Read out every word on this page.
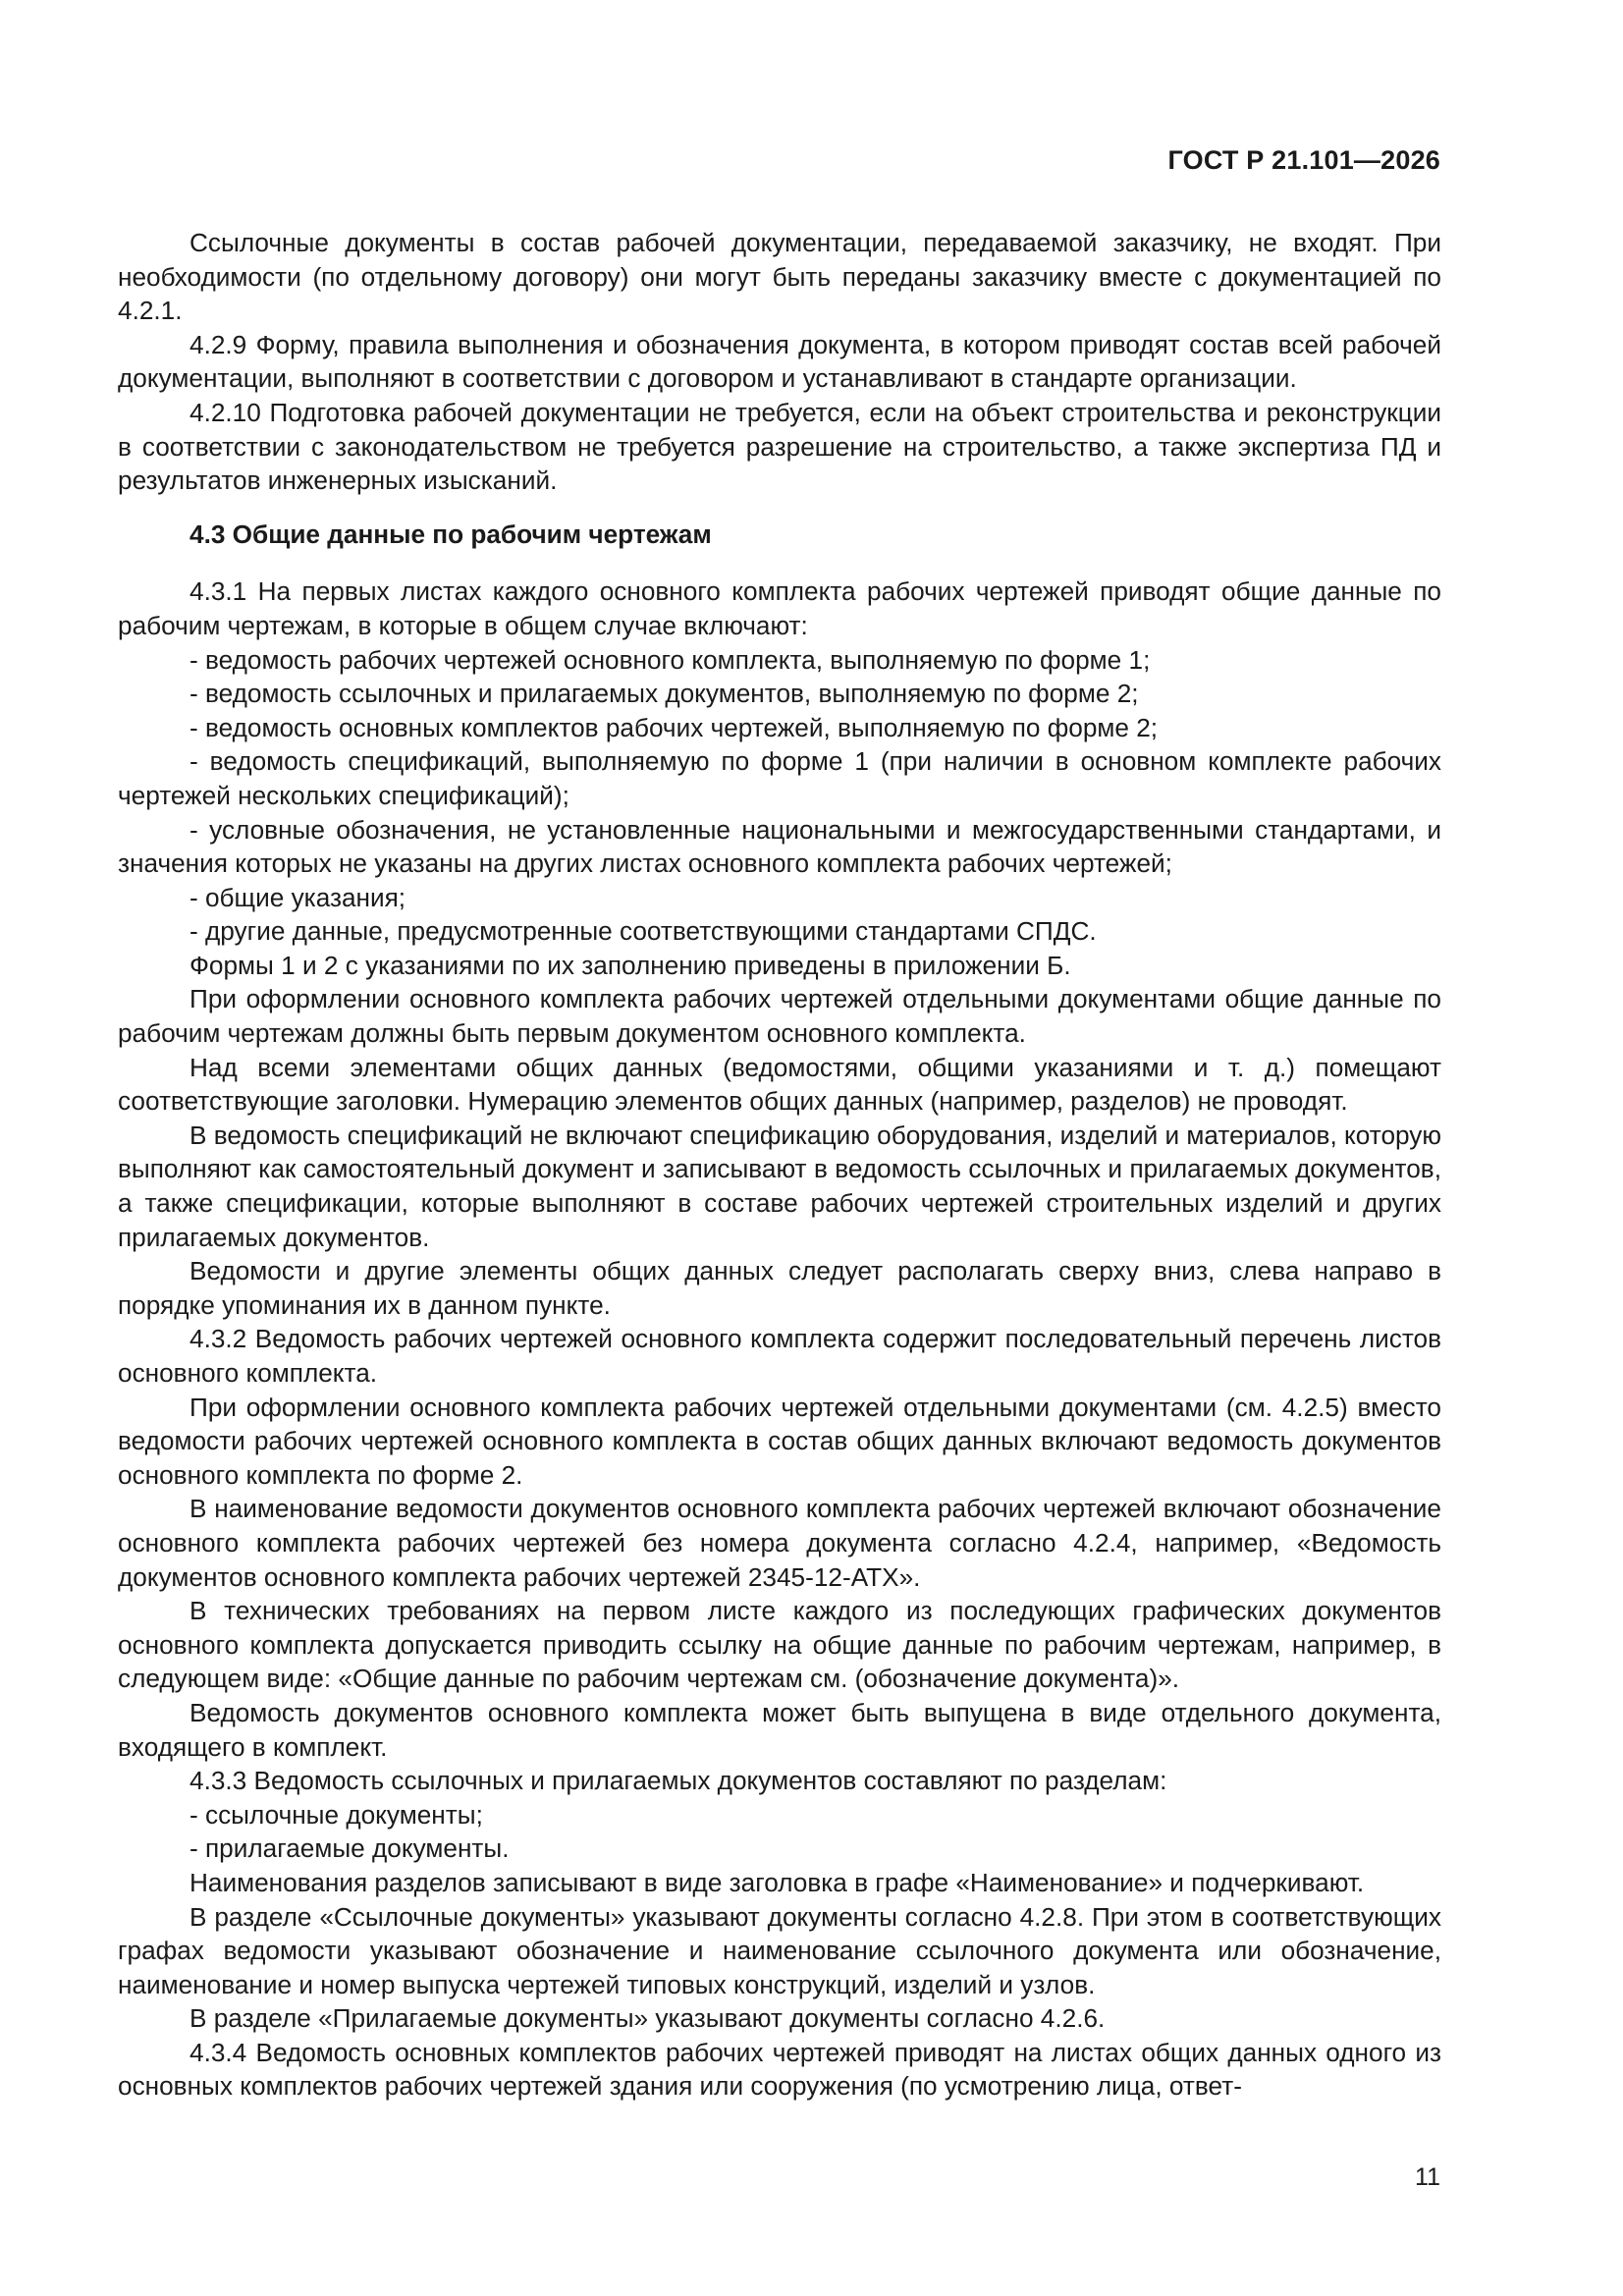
ГОСТ Р 21.101—2026

Ссылочные документы в состав рабочей документации, передаваемой заказчику, не входят. При необходимости (по отдельному договору) они могут быть переданы заказчику вместе с документацией по 4.2.1.

4.2.9 Форму, правила выполнения и обозначения документа, в котором приводят состав всей рабочей документации, выполняют в соответствии с договором и устанавливают в стандарте организации.

4.2.10 Подготовка рабочей документации не требуется, если на объект строительства и реконструкции в соответствии с законодательством не требуется разрешение на строительство, а также экспертиза ПД и результатов инженерных изысканий.

4.3 Общие данные по рабочим чертежам

4.3.1 На первых листах каждого основного комплекта рабочих чертежей приводят общие данные по рабочим чертежам, в которые в общем случае включают:

- ведомость рабочих чертежей основного комплекта, выполняемую по форме 1;

- ведомость ссылочных и прилагаемых документов, выполняемую по форме 2;

- ведомость основных комплектов рабочих чертежей, выполняемую по форме 2;

- ведомость спецификаций, выполняемую по форме 1 (при наличии в основном комплекте рабочих чертежей нескольких спецификаций);

- условные обозначения, не установленные национальными и межгосударственными стандартами, и значения которых не указаны на других листах основного комплекта рабочих чертежей;

- общие указания;

- другие данные, предусмотренные соответствующими стандартами СПДС.

Формы 1 и 2 с указаниями по их заполнению приведены в приложении Б.

При оформлении основного комплекта рабочих чертежей отдельными документами общие данные по рабочим чертежам должны быть первым документом основного комплекта.

Над всеми элементами общих данных (ведомостями, общими указаниями и т. д.) помещают соответствующие заголовки. Нумерацию элементов общих данных (например, разделов) не проводят.

В ведомость спецификаций не включают спецификацию оборудования, изделий и материалов, которую выполняют как самостоятельный документ и записывают в ведомость ссылочных и прилагаемых документов, а также спецификации, которые выполняют в составе рабочих чертежей строительных изделий и других прилагаемых документов.

Ведомости и другие элементы общих данных следует располагать сверху вниз, слева направо в порядке упоминания их в данном пункте.

4.3.2 Ведомость рабочих чертежей основного комплекта содержит последовательный перечень листов основного комплекта.

При оформлении основного комплекта рабочих чертежей отдельными документами (см. 4.2.5) вместо ведомости рабочих чертежей основного комплекта в состав общих данных включают ведомость документов основного комплекта по форме 2.

В наименование ведомости документов основного комплекта рабочих чертежей включают обозначение основного комплекта рабочих чертежей без номера документа согласно 4.2.4, например, «Ведомость документов основного комплекта рабочих чертежей 2345-12-АТХ».

В технических требованиях на первом листе каждого из последующих графических документов основного комплекта допускается приводить ссылку на общие данные по рабочим чертежам, например, в следующем виде: «Общие данные по рабочим чертежам см. (обозначение документа)».

Ведомость документов основного комплекта может быть выпущена в виде отдельного документа, входящего в комплект.

4.3.3 Ведомость ссылочных и прилагаемых документов составляют по разделам:

- ссылочные документы;

- прилагаемые документы.

Наименования разделов записывают в виде заголовка в графе «Наименование» и подчеркивают.

В разделе «Ссылочные документы» указывают документы согласно 4.2.8. При этом в соответствующих графах ведомости указывают обозначение и наименование ссылочного документа или обозначение, наименование и номер выпуска чертежей типовых конструкций, изделий и узлов.

В разделе «Прилагаемые документы» указывают документы согласно 4.2.6.

4.3.4 Ведомость основных комплектов рабочих чертежей приводят на листах общих данных одного из основных комплектов рабочих чертежей здания или сооружения (по усмотрению лица, ответ-

11
